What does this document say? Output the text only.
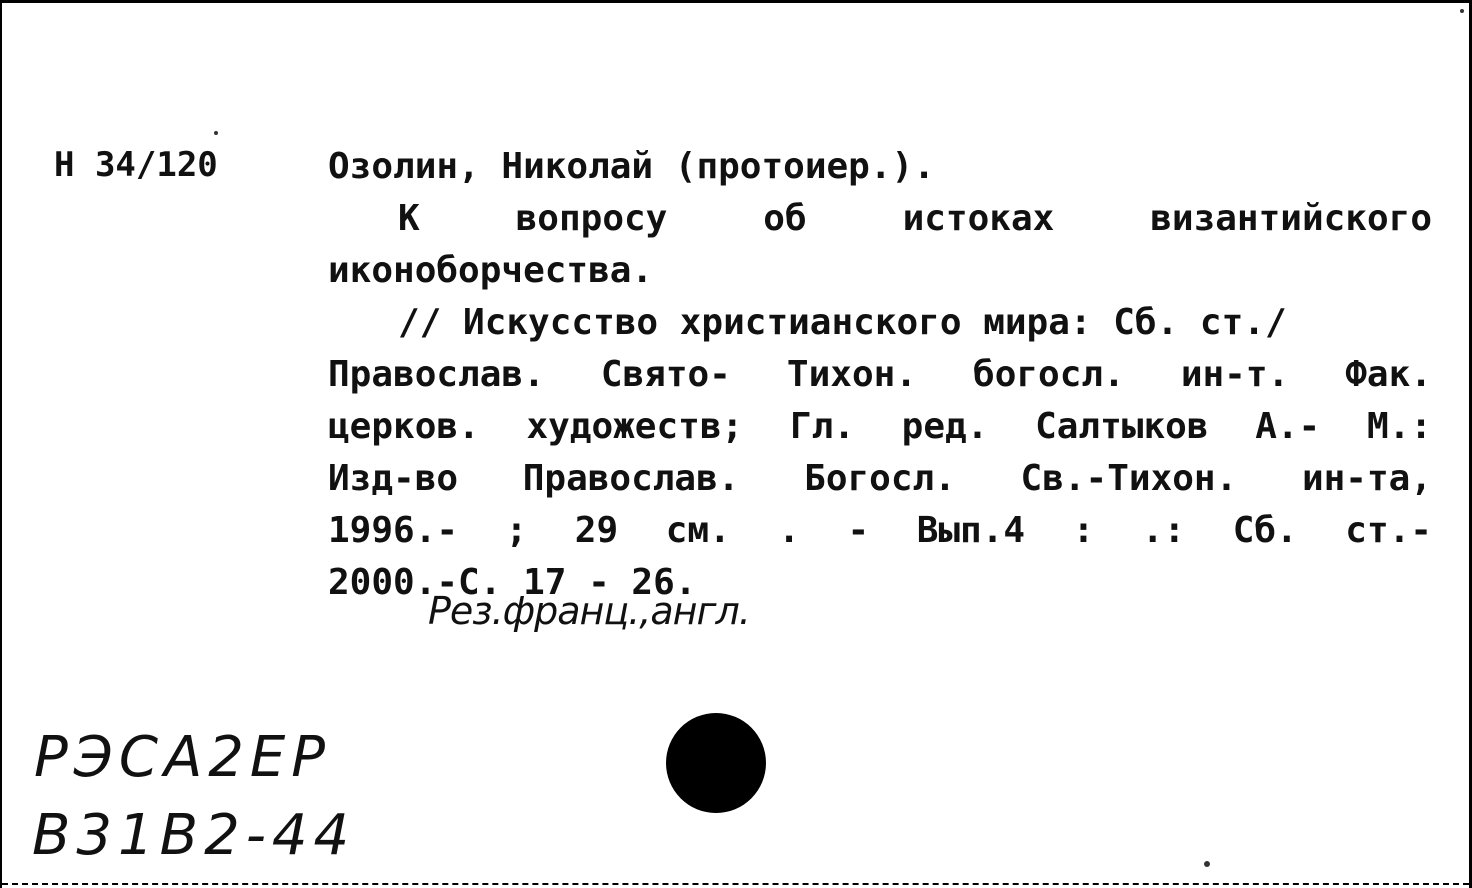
Н 34/120	Озолин, Николай (протоиер.).
К	вопросу	об	истоках	византийского
иконоборчества.
// Искусство христианского мира: Сб. ст./
Правослaв. Свято- Тихон. богосл. ин-т. Фак.
церков. художеств; Гл. ред. Салтыков А.- М.:
Изд-во Православ. Богосл. Св.-Тихон. ин-та,
1996.- ; 29 см. . - Вып.4 : .: Сб. ст.-
2000.-С. 17 - 26.
Рез.франц.,англ.
РЭСА2ЕР
В31В2-44
